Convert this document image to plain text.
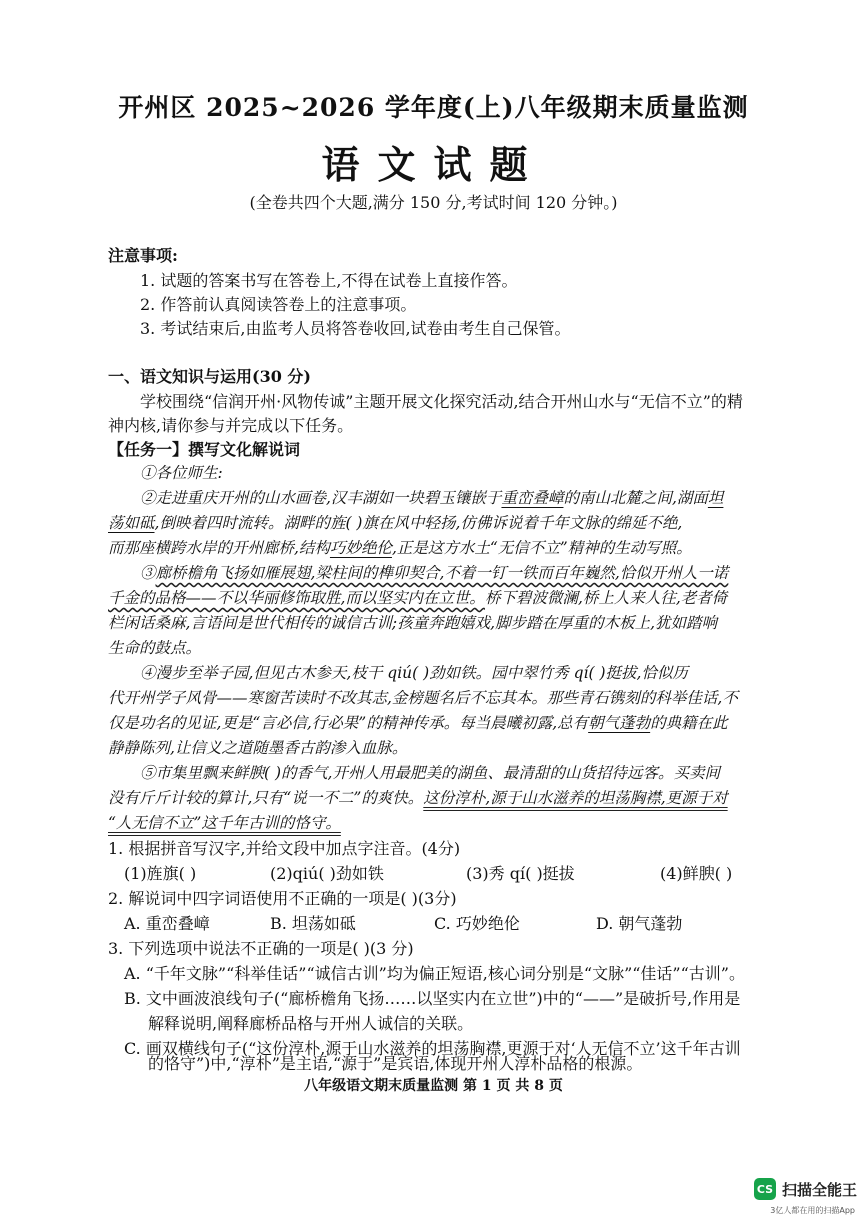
开州区 2025~2026 学年度(上)八年级期末质量监测
语文试题
(全卷共四个大题,满分 150 分,考试时间 120 分钟。)
注意事项:
1. 试题的答案书写在答卷上,不得在试卷上直接作答。
2. 作答前认真阅读答卷上的注意事项。
3. 考试结束后,由监考人员将答卷收回,试卷由考生自己保管。
一、语文知识与运用(30 分)
学校围绕“信润开州·风物传诚”主题开展文化探究活动,结合开州山水与“无信不立”的精
神内核,请你参与并完成以下任务。
【任务一】撰写文化解说词
①各位师生:
②走进重庆开州的山水画卷,汉丰湖如一块碧玉镶嵌于重峦叠嶂的南山北麓之间,湖面坦
荡如砥,倒映着四时流转。湖畔的旌( )旗在风中轻扬,仿佛诉说着千年文脉的绵延不绝,
而那座横跨水岸的开州廊桥,结构巧妙绝伦,正是这方水土“无信不立”精神的生动写照。
③廊桥檐角飞扬如雁展翅,梁柱间的榫卯契合,不着一钉一铁而百年巍然,恰似开州人一诺
千金的品格——不以华丽修饰取胜,而以坚实内在立世。桥下碧波微澜,桥上人来人往,老者倚
栏闲话桑麻,言语间是世代相传的诚信古训;孩童奔跑嬉戏,脚步踏在厚重的木板上,犹如踏响
生命的鼓点。
④漫步至举子园,但见古木参天,枝干 qiú( )劲如铁。园中翠竹秀 qí( )挺拔,恰似历
代开州学子风骨——寒窗苦读时不改其志,金榜题名后不忘其本。那些青石镌刻的科举佳话,不
仅是功名的见证,更是“言必信,行必果”的精神传承。每当晨曦初露,总有朝气蓬勃的典籍在此
静静陈列,让信义之道随墨香古韵渗入血脉。
⑤市集里飘来鲜腴( )的香气,开州人用最肥美的湖鱼、最清甜的山货招待远客。买卖间
没有斤斤计较的算计,只有“说一不二”的爽快。这份淳朴,源于山水滋养的坦荡胸襟,更源于对
“人无信不立”这千年古训的恪守。
1. 根据拼音写汉字,并给文段中加点字注音。(4分)
(1)旌旗( )	(2)qiú( )劲如铁	(3)秀 qí( )挺拔	(4)鲜腴( )
2. 解说词中四字词语使用不正确的一项是( )(3分)
A. 重峦叠嶂	B. 坦荡如砥	C. 巧妙绝伦	D. 朝气蓬勃
3. 下列选项中说法不正确的一项是( )(3 分)
A. “千年文脉”“科举佳话”“诚信古训”均为偏正短语,核心词分别是“文脉”“佳话”“古训”。
B. 文中画波浪线句子(“廊桥檐角飞扬……以坚实内在立世”)中的“——”是破折号,作用是
解释说明,阐释廊桥品格与开州人诚信的关联。
C. 画双横线句子(“这份淳朴,源于山水滋养的坦荡胸襟,更源于对‘人无信不立’这千年古训
的恪守”)中,“淳朴”是主语,“源于”是宾语,体现开州人淳朴品格的根源。
八年级语文期末质量监测 第 1 页 共 8 页
CS 扫描全能王
3亿人都在用的扫描App
